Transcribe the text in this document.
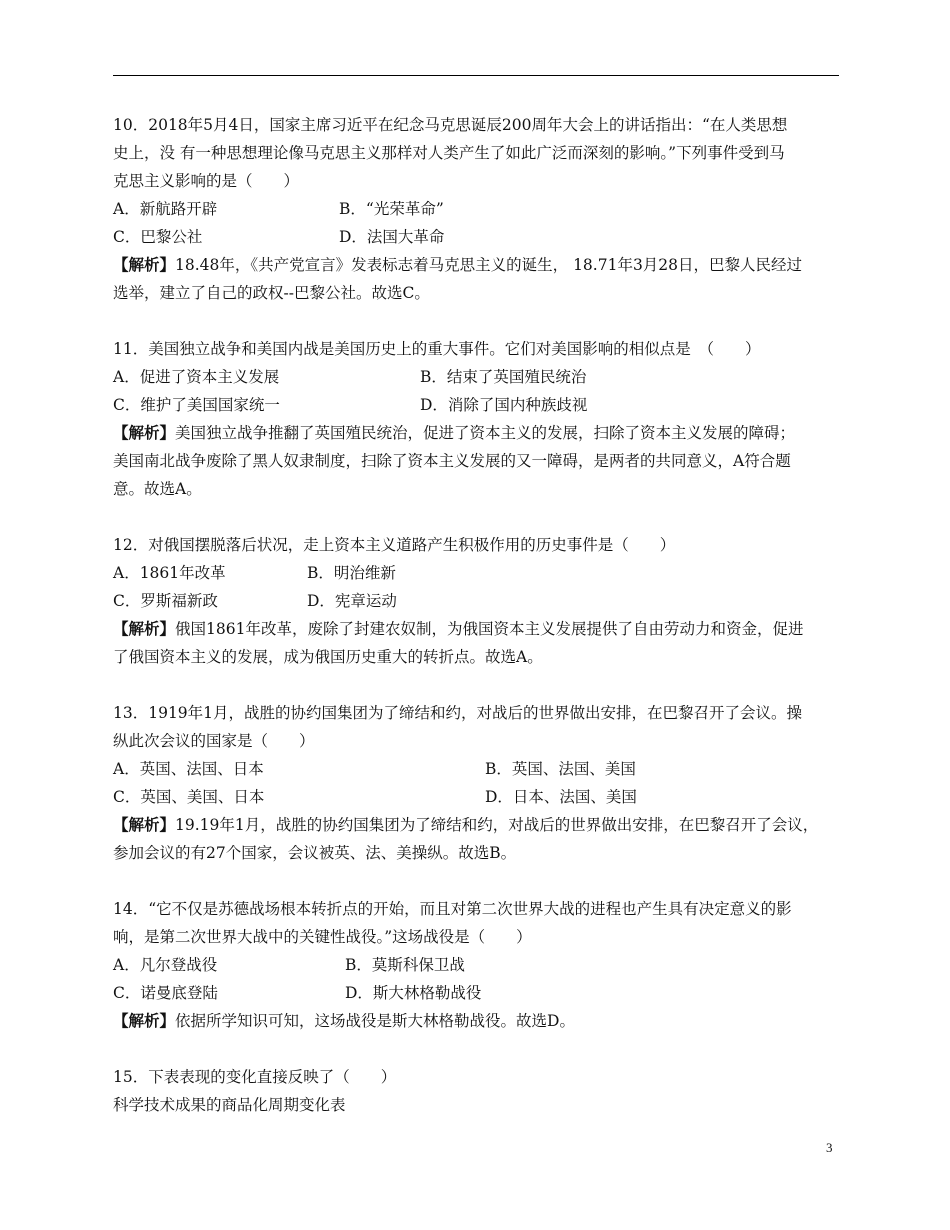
10．2018年5月4日，国家主席习近平在纪念马克思诞辰200周年大会上的讲话指出：“在人类思想
史上，没 有一种思想理论像马克思主义那样对人类产生了如此广泛而深刻的影响。”下列事件受到马
克思主义影响的是（　　）
A．新航路开辟	B．“光荣革命”
C．巴黎公社	D．法国大革命
【解析】18.48年，《共产党宣言》发表标志着马克思主义的诞生， 18.71年3月28日，巴黎人民经过
选举，建立了自己的政权--巴黎公社。故选C。
11．美国独立战争和美国内战是美国历史上的重大事件。它们对美国影响的相似点是　（　　）
A．促进了资本主义发展	B．结束了英国殖民统治
C．维护了美国国家统一	D．消除了国内种族歧视
【解析】美国独立战争推翻了英国殖民统治，促进了资本主义的发展，扫除了资本主义发展的障碍；
美国南北战争废除了黑人奴隶制度，扫除了资本主义发展的又一障碍，是两者的共同意义，A符合题
意。故选A。
12．对俄国摆脱落后状况，走上资本主义道路产生积极作用的历史事件是（　　）
A．1861年改革	B．明治维新
C．罗斯福新政	D．宪章运动
【解析】俄国1861年改革，废除了封建农奴制，为俄国资本主义发展提供了自由劳动力和资金，促进
了俄国资本主义的发展，成为俄国历史重大的转折点。故选A。
13．1919年1月，战胜的协约国集团为了缔结和约，对战后的世界做出安排，在巴黎召开了会议。操
纵此次会议的国家是（　　）
A．英国、法国、日本	B．英国、法国、美国
C．英国、美国、日本	D．日本、法国、美国
【解析】19.19年1月，战胜的协约国集团为了缔结和约，对战后的世界做出安排，在巴黎召开了会议，
参加会议的有27个国家，会议被英、法、美操纵。故选B。
14．“它不仅是苏德战场根本转折点的开始，而且对第二次世界大战的进程也产生具有决定意义的影
响，是第二次世界大战中的关键性战役。”这场战役是（　　）
A．凡尔登战役	B．莫斯科保卫战
C．诺曼底登陆	D．斯大林格勒战役
【解析】依据所学知识可知，这场战役是斯大林格勒战役。故选D。
15．下表表现的变化直接反映了（　　）
科学技术成果的商品化周期变化表
3
